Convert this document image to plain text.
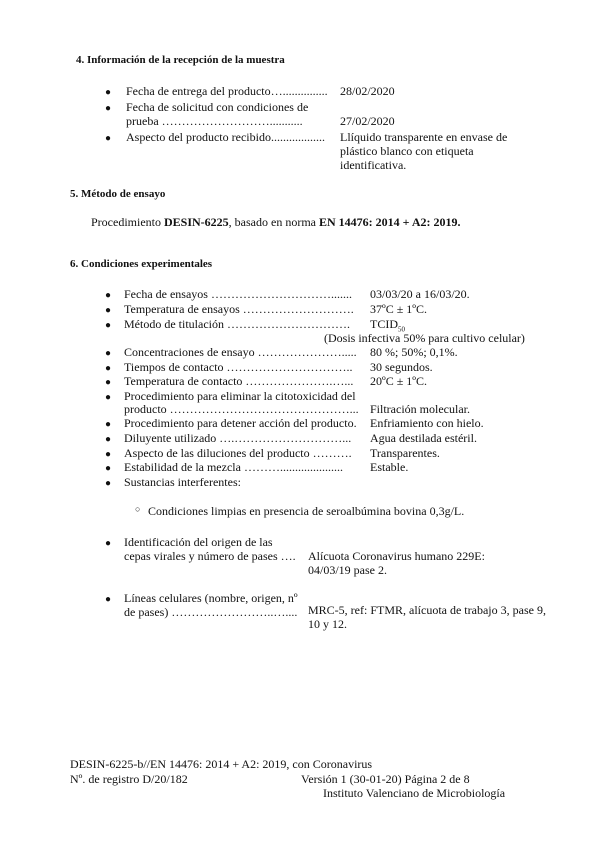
4. Información de la recepción de la muestra
● Fecha de entrega del producto…............... 28/02/2020
● Fecha de solicitud con condiciones de
prueba ………………………...........	27/02/2020
● Aspecto del producto recibido.................. Llíquido transparente en envase de
plástico blanco con etiqueta
identificativa.
5. Método de ensayo
Procedimiento DESIN-6225, basado en norma EN 14476: 2014 + A2: 2019.
6. Condiciones experimentales
● Fecha de ensayos …………………………....... 03/03/20 a 16/03/20.
● Temperatura de ensayos ………………………. 37ºC ± 1ºC.
● Método de titulación …………………………. $TCID_{50}$
(Dosis infectiva 50% para cultivo celular)
● Concentraciones de ensayo …………………..... 80 %; 50%; 0,1%.
● Tiempos de contacto ………………………….. 30 segundos.
● Temperatura de contacto ………………….…... 20ºC ± 1ºC.
● Procedimiento para eliminar la citotoxicidad del
producto ………………………………………... Filtración molecular.
● Procedimiento para detener acción del producto. Enfriamiento con hielo.
● Diluyente utilizado ….………………………... Agua destilada estéril.
● Aspecto de las diluciones del producto ………. Transparentes.
● Estabilidad de la mezcla ………..................... Estable.
● Sustancias interferentes:
○ Condiciones limpias en presencia de seroalbúmina bovina 0,3g/L.
● Identificación del origen de las
cepas virales y número de pases …. Alícuota Coronavirus humano 229E:
04/03/19 pase 2.
● Líneas celulares (nombre, origen, nº
de pases) ……………………..….... MRC-5, ref: FTMR, alícuota de trabajo 3, pase 9,
10 y 12.
DESIN-6225-b//EN 14476: 2014 + A2: 2019, con Coronavirus
Nº. de registro D/20/182	Versión 1 (30-01-20) Página 2 de 8
Instituto Valenciano de Microbiología
